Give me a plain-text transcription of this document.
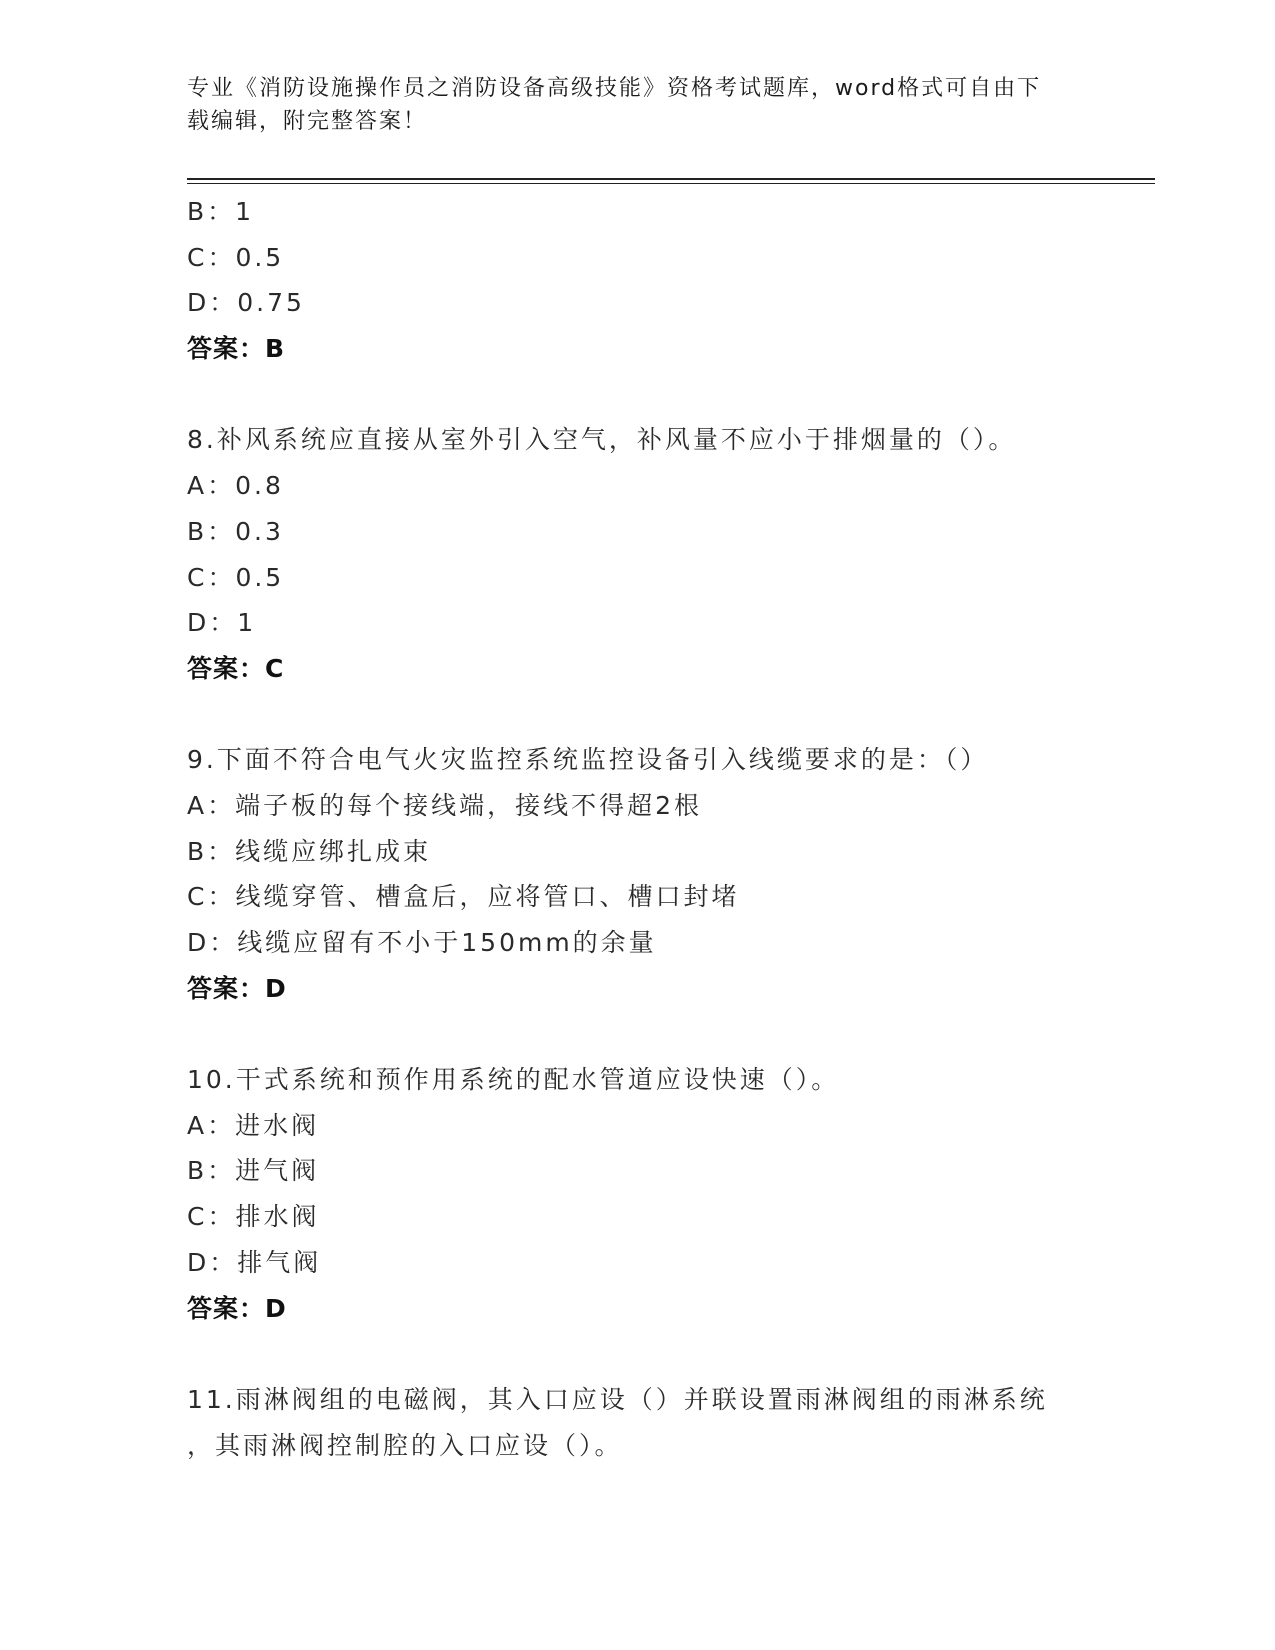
专业《消防设施操作员之消防设备高级技能》资格考试题库，word格式可自由下
载编辑，附完整答案！
B：1
C：0.5
D：0.75
答案：B
8.补风系统应直接从室外引入空气，补风量不应小于排烟量的（）。
A：0.8
B：0.3
C：0.5
D：1
答案：C
9.下面不符合电气火灾监控系统监控设备引入线缆要求的是：（）
A：端子板的每个接线端，接线不得超2根
B：线缆应绑扎成束
C：线缆穿管、槽盒后，应将管口、槽口封堵
D：线缆应留有不小于150mm的余量
答案：D
10.干式系统和预作用系统的配水管道应设快速（）。
A：进水阀
B：进气阀
C：排水阀
D：排气阀
答案：D
11.雨淋阀组的电磁阀，其入口应设（）并联设置雨淋阀组的雨淋系统
，其雨淋阀控制腔的入口应设（）。
